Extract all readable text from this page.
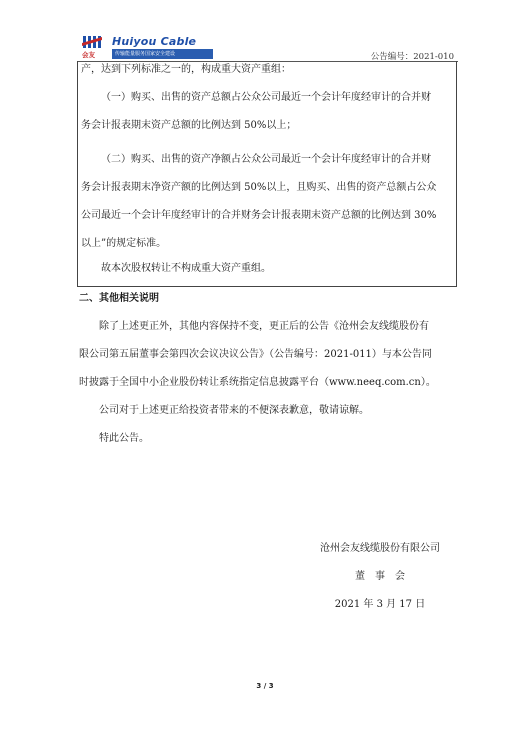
Huiyou Cable
会友	传输能量服务国家安全建设	公告编号：2021-010

产，达到下列标准之一的，构成重大资产重组：

（一）购买、出售的资产总额占公众公司最近一个会计年度经审计的合并财

务会计报表期末资产总额的比例达到 50%以上；

（二）购买、出售的资产净额占公众公司最近一个会计年度经审计的合并财

务会计报表期末净资产额的比例达到 50%以上，且购买、出售的资产总额占公众

公司最近一个会计年度经审计的合并财务会计报表期末资产总额的比例达到 30%

以上”的规定标准。

故本次股权转让不构成重大资产重组。

二、其他相关说明

除了上述更正外，其他内容保持不变，更正后的公告《沧州会友线缆股份有

限公司第五届董事会第四次会议决议公告》（公告编号：2021-011）与本公告同

时披露于全国中小企业股份转让系统指定信息披露平台（www.neeq.com.cn）。

公司对于上述更正给投资者带来的不便深表歉意，敬请谅解。

特此公告。

沧州会友线缆股份有限公司

董　事　会

2021 年 3 月 17 日

3 / 3
